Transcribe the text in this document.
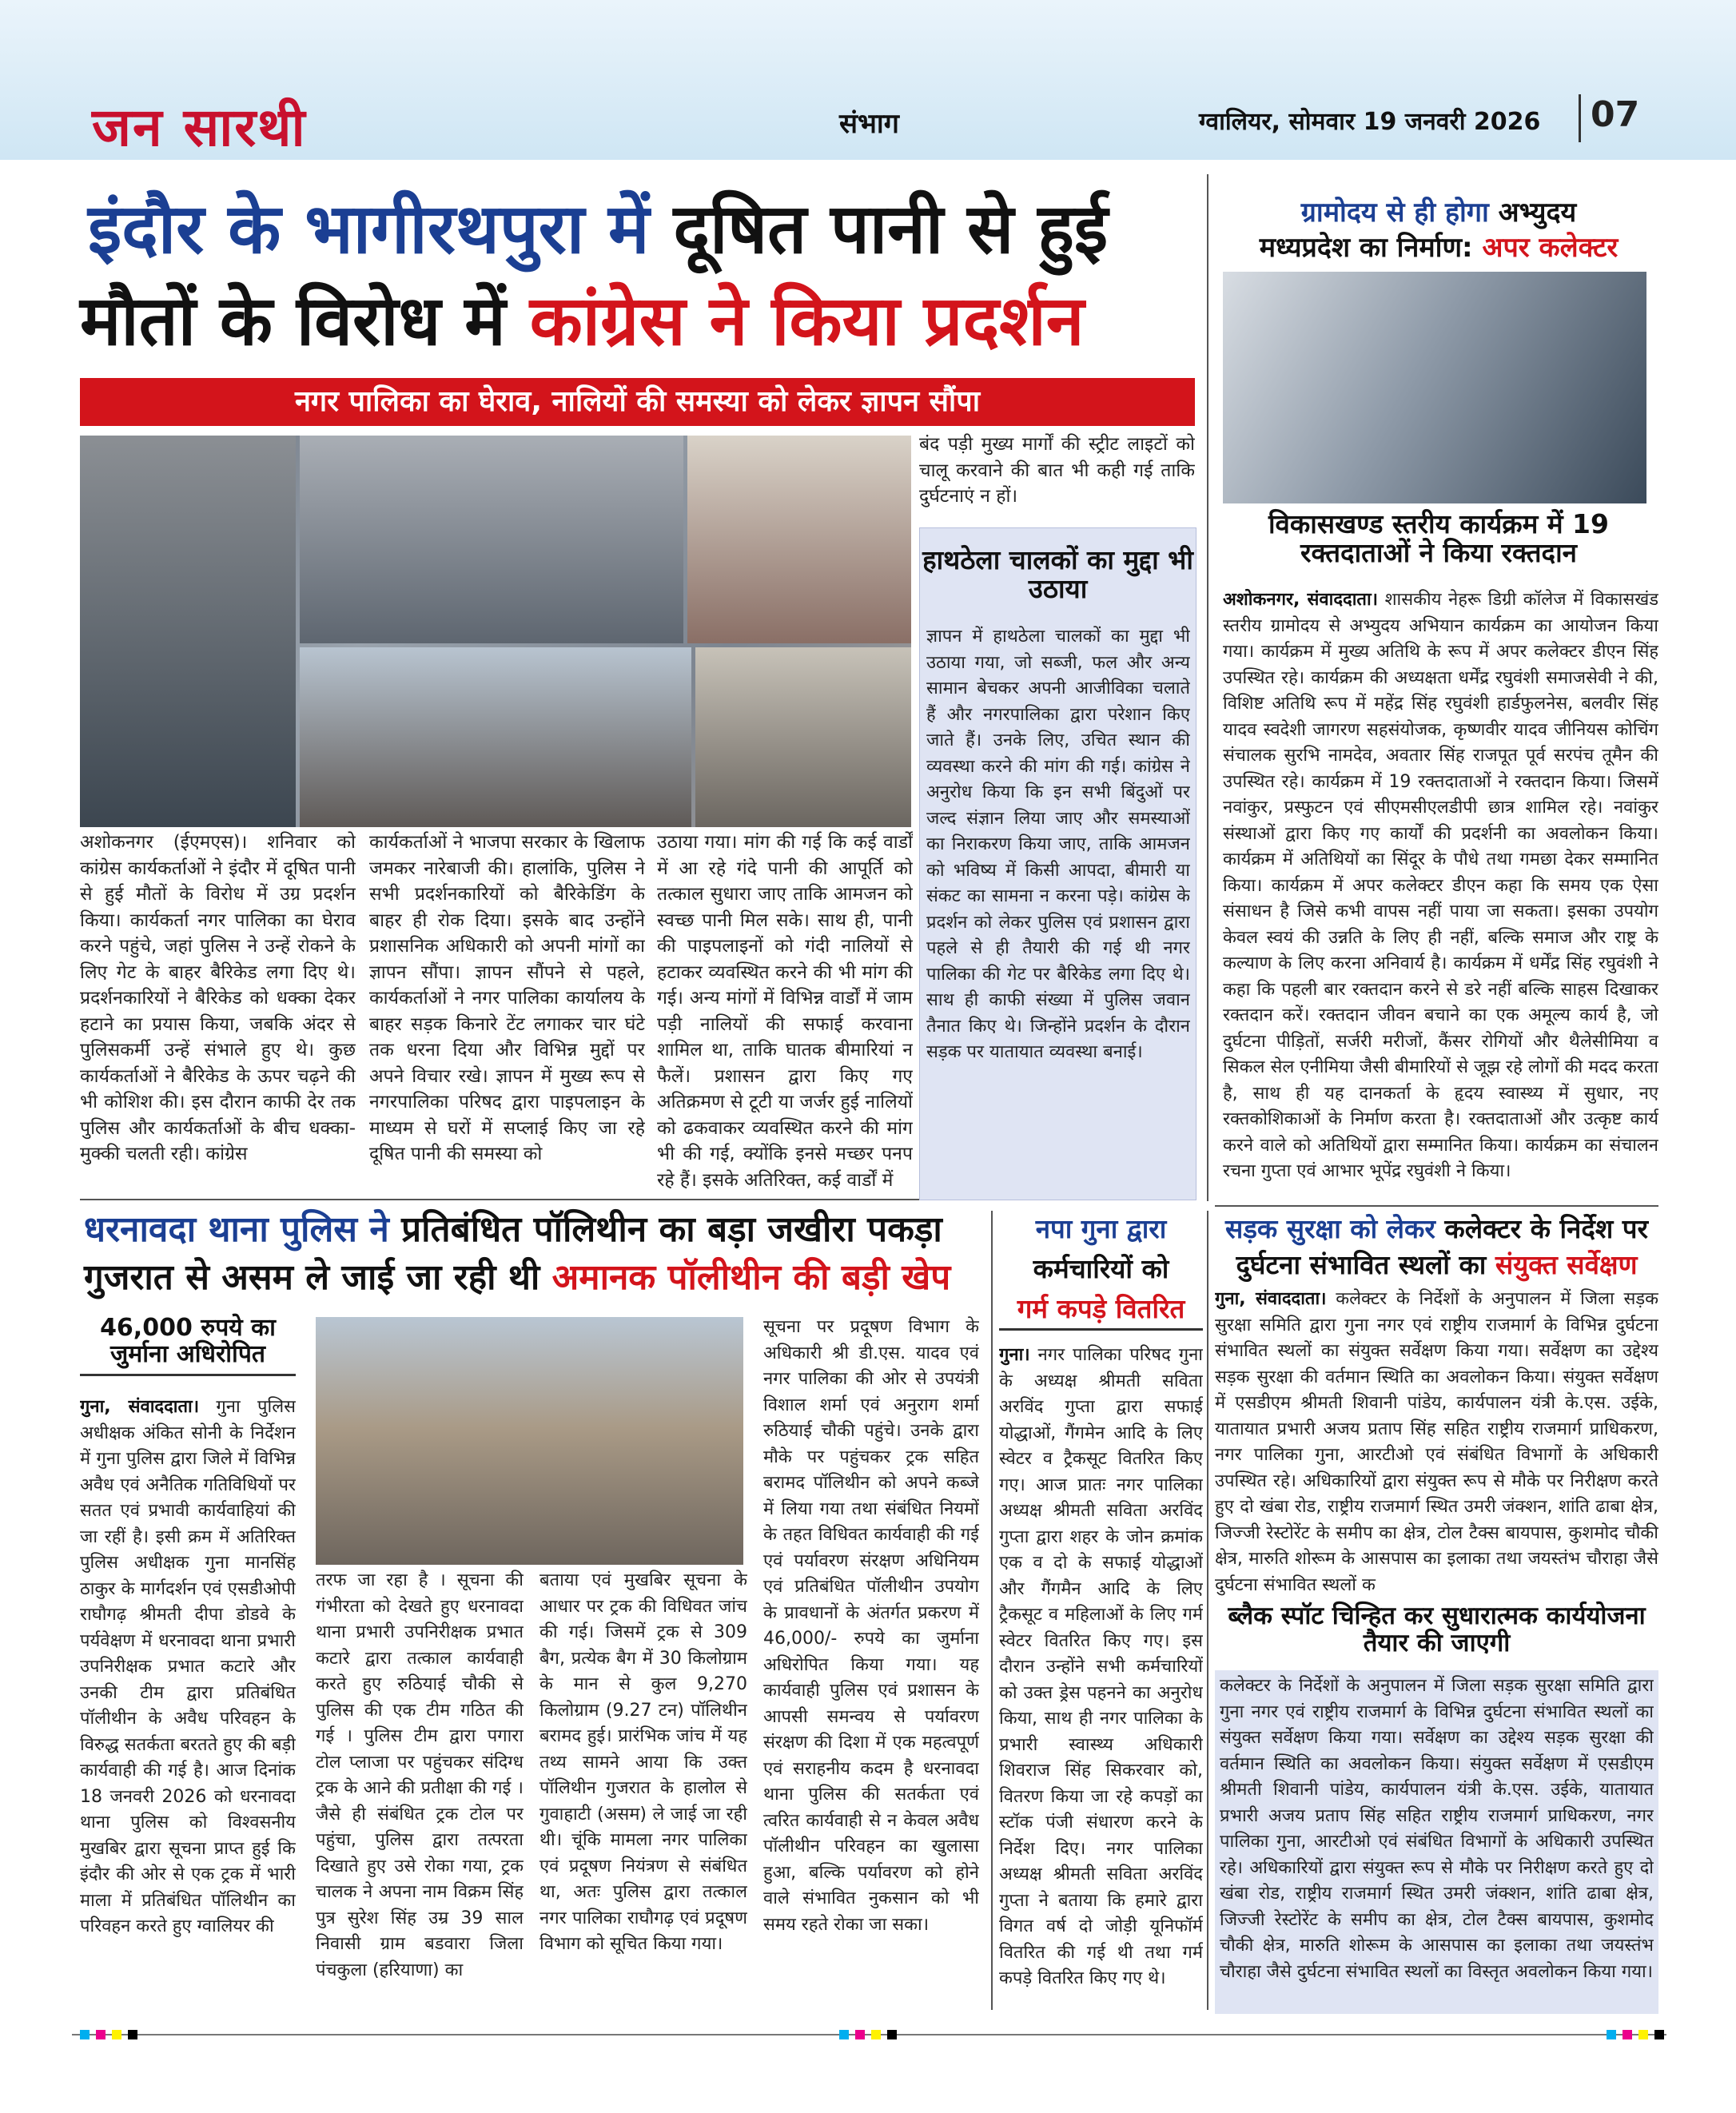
जन सारथी	संभाग	ग्वालियर, सोमवार 19 जनवरी 2026 07
इंदौर के भागीरथपुरा में दूषित पानी से हुई
मौतों के विरोध में कांग्रेस ने किया प्रदर्शन
नगर पालिका का घेराव, नालियों की समस्या को लेकर ज्ञापन सौंपा
बंद पड़ी मुख्य मार्गों की स्ट्रीट लाइटों को चालू करवाने की बात भी कही गई ताकि दुर्घटनाएं न हों।
हाथठेला चालकों का मुद्दा भी उठाया
ज्ञापन में हाथठेला चालकों का मुद्दा भी उठाया गया, जो सब्जी, फल और अन्य सामान बेचकर अपनी आजीविका चलाते हैं और नगरपालिका द्वारा परेशान किए जाते हैं। उनके लिए, उचित स्थान की व्यवस्था करने की मांग की गई। कांग्रेस ने अनुरोध किया कि इन सभी बिंदुओं पर जल्द संज्ञान लिया जाए और समस्याओं का निराकरण किया जाए, ताकि आमजन को भविष्य में किसी आपदा, बीमारी या संकट का सामना न करना पड़े। कांग्रेस के प्रदर्शन को लेकर पुलिस एवं प्रशासन द्वारा पहले से ही तैयारी की गई थी नगर पालिका की गेट पर बैरिकेड लगा दिए थे। साथ ही काफी संख्या में पुलिस जवान तैनात किए थे। जिन्होंने प्रदर्शन के दौरान सड़क पर यातायात व्यवस्था बनाई।
अशोकनगर (ईएमएस)। शनिवार को कांग्रेस कार्यकर्ताओं ने इंदौर में दूषित पानी से हुई मौतों के विरोध में उग्र प्रदर्शन किया। कार्यकर्ता नगर पालिका का घेराव करने पहुंचे, जहां पुलिस ने उन्हें रोकने के लिए गेट के बाहर बैरिकेड लगा दिए थे। प्रदर्शनकारियों ने बैरिकेड को धक्का देकर हटाने का प्रयास किया, जबकि अंदर से पुलिसकर्मी उन्हें संभाले हुए थे। कुछ कार्यकर्ताओं ने बैरिकेड के ऊपर चढ़ने की भी कोशिश की। इस दौरान काफी देर तक पुलिस और कार्यकर्ताओं के बीच धक्का-मुक्की चलती रही। कांग्रेस
कार्यकर्ताओं ने भाजपा सरकार के खिलाफ जमकर नारेबाजी की। हालांकि, पुलिस ने सभी प्रदर्शनकारियों को बैरिकेडिंग के बाहर ही रोक दिया। इसके बाद उन्होंने प्रशासनिक अधिकारी को अपनी मांगों का ज्ञापन सौंपा। ज्ञापन सौंपने से पहले, कार्यकर्ताओं ने नगर पालिका कार्यालय के बाहर सड़क किनारे टेंट लगाकर चार घंटे तक धरना दिया और विभिन्न मुद्दों पर अपने विचार रखे। ज्ञापन में मुख्य रूप से नगरपालिका परिषद द्वारा पाइपलाइन के माध्यम से घरों में सप्लाई किए जा रहे दूषित पानी की समस्या को
उठाया गया। मांग की गई कि कई वार्डों में आ रहे गंदे पानी की आपूर्ति को तत्काल सुधारा जाए ताकि आमजन को स्वच्छ पानी मिल सके। साथ ही, पानी की पाइपलाइनों को गंदी नालियों से हटाकर व्यवस्थित करने की भी मांग की गई। अन्य मांगों में विभिन्न वार्डों में जाम पड़ी नालियों की सफाई करवाना शामिल था, ताकि घातक बीमारियां न फैलें। प्रशासन द्वारा किए गए अतिक्रमण से टूटी या जर्जर हुई नालियों को ढकवाकर व्यवस्थित करने की मांग भी की गई, क्योंकि इनसे मच्छर पनप रहे हैं। इसके अतिरिक्त, कई वार्डों में
ग्रामोदय से ही होगा अभ्युदय
मध्यप्रदेश का निर्माण: अपर कलेक्टर
विकासखण्ड स्तरीय कार्यक्रम में 19 रक्तदाताओं ने किया रक्तदान
अशोकनगर, संवाददाता। शासकीय नेहरू डिग्री कॉलेज में विकासखंड स्तरीय ग्रामोदय से अभ्युदय अभियान कार्यक्रम का आयोजन किया गया। कार्यक्रम में मुख्य अतिथि के रूप में अपर कलेक्टर डीएन सिंह उपस्थित रहे। कार्यक्रम की अध्यक्षता धर्मेंद्र रघुवंशी समाजसेवी ने की, विशिष्ट अतिथि रूप में महेंद्र सिंह रघुवंशी हार्डफुलनेस, बलवीर सिंह यादव स्वदेशी जागरण सहसंयोजक, कृष्णवीर यादव जीनियस कोचिंग संचालक सुरभि नामदेव, अवतार सिंह राजपूत पूर्व सरपंच तूमैन की उपस्थित रहे। कार्यक्रम में 19 रक्तदाताओं ने रक्तदान किया। जिसमें नवांकुर, प्रस्फुटन एवं सीएमसीएलडीपी छात्र शामिल रहे। नवांकुर संस्थाओं द्वारा किए गए कार्यों की प्रदर्शनी का अवलोकन किया। कार्यक्रम में अतिथियों का सिंदूर के पौधे तथा गमछा देकर सम्मानित किया। कार्यक्रम में अपर कलेक्टर डीएन कहा कि समय एक ऐसा संसाधन है जिसे कभी वापस नहीं पाया जा सकता। इसका उपयोग केवल स्वयं की उन्नति के लिए ही नहीं, बल्कि समाज और राष्ट्र के कल्याण के लिए करना अनिवार्य है। कार्यक्रम में धर्मेंद्र सिंह रघुवंशी ने कहा कि पहली बार रक्तदान करने से डरे नहीं बल्कि साहस दिखाकर रक्तदान करें। रक्तदान जीवन बचाने का एक अमूल्य कार्य है, जो दुर्घटना पीड़ितों, सर्जरी मरीजों, कैंसर रोगियों और थैलेसीमिया व सिकल सेल एनीमिया जैसी बीमारियों से जूझ रहे लोगों की मदद करता है, साथ ही यह दानकर्ता के हृदय स्वास्थ्य में सुधार, नए रक्तकोशिकाओं के निर्माण करता है। रक्तदाताओं और उत्कृष्ट कार्य करने वाले को अतिथियों द्वारा सम्मानित किया। कार्यक्रम का संचालन रचना गुप्ता एवं आभार भूपेंद्र रघुवंशी ने किया।
सड़क सुरक्षा को लेकर कलेक्टर के निर्देश पर
दुर्घटना संभावित स्थलों का संयुक्त सर्वेक्षण
गुना, संवाददाता। कलेक्टर के निर्देशों के अनुपालन में जिला सड़क सुरक्षा समिति द्वारा गुना नगर एवं राष्ट्रीय राजमार्ग के विभिन्न दुर्घटना संभावित स्थलों का संयुक्त सर्वेक्षण किया गया। सर्वेक्षण का उद्देश्य सड़क सुरक्षा की वर्तमान स्थिति का अवलोकन किया। संयुक्त सर्वेक्षण में एसडीएम श्रीमती शिवानी पांडेय, कार्यपालन यंत्री के.एस. उईके, यातायात प्रभारी अजय प्रताप सिंह सहित राष्ट्रीय राजमार्ग प्राधिकरण, नगर पालिका गुना, आरटीओ एवं संबंधित विभागों के अधिकारी उपस्थित रहे। अधिकारियों द्वारा संयुक्त रूप से मौके पर निरीक्षण करते हुए दो खंबा रोड, राष्ट्रीय राजमार्ग स्थित उमरी जंक्शन, शांति ढाबा क्षेत्र, जिज्जी रेस्टोरेंट के समीप का क्षेत्र, टोल टैक्स बायपास, कुशमोद चौकी क्षेत्र, मारुति शोरूम के आसपास का इलाका तथा जयस्तंभ चौराहा जैसे दुर्घटना संभावित स्थलों क
ब्लैक स्पॉट चिन्हित कर सुधारात्मक कार्ययोजना तैयार की जाएगी
कलेक्टर के निर्देशों के अनुपालन में जिला सड़क सुरक्षा समिति द्वारा गुना नगर एवं राष्ट्रीय राजमार्ग के विभिन्न दुर्घटना संभावित स्थलों का संयुक्त सर्वेक्षण किया गया। सर्वेक्षण का उद्देश्य सड़क सुरक्षा की वर्तमान स्थिति का अवलोकन किया। संयुक्त सर्वेक्षण में एसडीएम श्रीमती शिवानी पांडेय, कार्यपालन यंत्री के.एस. उईके, यातायात प्रभारी अजय प्रताप सिंह सहित राष्ट्रीय राजमार्ग प्राधिकरण, नगर पालिका गुना, आरटीओ एवं संबंधित विभागों के अधिकारी उपस्थित रहे। अधिकारियों द्वारा संयुक्त रूप से मौके पर निरीक्षण करते हुए दो खंबा रोड, राष्ट्रीय राजमार्ग स्थित उमरी जंक्शन, शांति ढाबा क्षेत्र, जिज्जी रेस्टोरेंट के समीप का क्षेत्र, टोल टैक्स बायपास, कुशमोद चौकी क्षेत्र, मारुति शोरूम के आसपास का इलाका तथा जयस्तंभ चौराहा जैसे दुर्घटना संभावित स्थलों का विस्तृत अवलोकन किया गया।
धरनावदा थाना पुलिस ने प्रतिबंधित पॉलिथीन का बड़ा जखीरा पकड़ा
गुजरात से असम ले जाई जा रही थी अमानक पॉलीथीन की बड़ी खेप
46,000 रुपये का जुर्माना अधिरोपित
गुना, संवाददाता। गुना पुलिस अधीक्षक अंकित सोनी के निर्देशन में गुना पुलिस द्वारा जिले में विभिन्न अवैध एवं अनैतिक गतिविधियों पर सतत एवं प्रभावी कार्यवाहियां की जा रहीं है। इसी क्रम में अतिरिक्त पुलिस अधीक्षक गुना मानसिंह ठाकुर के मार्गदर्शन एवं एसडीओपी राघौगढ़ श्रीमती दीपा डोडवे के पर्यवेक्षण में धरनावदा थाना प्रभारी उपनिरीक्षक प्रभात कटारे और उनकी टीम द्वारा प्रतिबंधित पॉलीथीन के अवैध परिवहन के विरुद्ध सतर्कता बरतते हुए की बड़ी कार्यवाही की गई है। आज दिनांक 18 जनवरी 2026 को धरनावदा थाना पुलिस को विश्वसनीय मुखबिर द्वारा सूचना प्राप्त हुई कि इंदौर की ओर से एक ट्रक में भारी माला में प्रतिबंधित पॉलिथीन का परिवहन करते हुए ग्वालियर की
तरफ जा रहा है । सूचना की गंभीरता को देखते हुए धरनावदा थाना प्रभारी उपनिरीक्षक प्रभात कटारे द्वारा तत्काल कार्यवाही करते हुए रुठियाई चौकी से पुलिस की एक टीम गठित की गई । पुलिस टीम द्वारा पगारा टोल प्लाजा पर पहुंचकर संदिग्ध ट्रक के आने की प्रतीक्षा की गई । जैसे ही संबंधित ट्रक टोल पर पहुंचा, पुलिस द्वारा तत्परता दिखाते हुए उसे रोका गया, ट्रक चालक ने अपना नाम विक्रम सिंह पुत्र सुरेश सिंह उम्र 39 साल निवासी ग्राम बडवारा जिला पंचकुला (हरियाणा) का
बताया एवं मुखबिर सूचना के आधार पर ट्रक की विधिवत जांच की गई। जिसमें ट्रक से 309 बैग, प्रत्येक बैग में 30 किलोग्राम के मान से कुल 9,270 किलोग्राम (9.27 टन) पॉलिथीन बरामद हुई। प्रारंभिक जांच में यह तथ्य सामने आया कि उक्त पॉलिथीन गुजरात के हालोल से गुवाहाटी (असम) ले जाई जा रही थी। चूंकि मामला नगर पालिका एवं प्रदूषण नियंत्रण से संबंधित था, अतः पुलिस द्वारा तत्काल नगर पालिका राघौगढ़ एवं प्रदूषण विभाग को सूचित किया गया।
सूचना पर प्रदूषण विभाग के अधिकारी श्री डी.एस. यादव एवं नगर पालिका की ओर से उपयंत्री विशाल शर्मा एवं अनुराग शर्मा रुठियाई चौकी पहुंचे। उनके द्वारा मौके पर पहुंचकर ट्रक सहित बरामद पॉलिथीन को अपने कब्जे में लिया गया तथा संबंधित नियमों के तहत विधिवत कार्यवाही की गई एवं पर्यावरण संरक्षण अधिनियम एवं प्रतिबंधित पॉलीथीन उपयोग के प्रावधानों के अंतर्गत प्रकरण में 46,000/- रुपये का जुर्माना अधिरोपित किया गया। यह कार्यवाही पुलिस एवं प्रशासन के आपसी समन्वय से पर्यावरण संरक्षण की दिशा में एक महत्वपूर्ण एवं सराहनीय कदम है धरनावदा थाना पुलिस की सतर्कता एवं त्वरित कार्यवाही से न केवल अवैध पॉलीथीन परिवहन का खुलासा हुआ, बल्कि पर्यावरण को होने वाले संभावित नुकसान को भी समय रहते रोका जा सका।
नपा गुना द्वारा
कर्मचारियों को
गर्म कपड़े वितरित
गुना। नगर पालिका परिषद गुना के अध्यक्ष श्रीमती सविता अरविंद गुप्ता द्वारा सफाई योद्धाओं, गैंगमेन आदि के लिए स्वेटर व ट्रैकसूट वितरित किए गए। आज प्रातः नगर पालिका अध्यक्ष श्रीमती सविता अरविंद गुप्ता द्वारा शहर के जोन क्रमांक एक व दो के सफाई योद्धाओं और गैंगमैन आदि के लिए ट्रैकसूट व महिलाओं के लिए गर्म स्वेटर वितरित किए गए। इस दौरान उन्होंने सभी कर्मचारियों को उक्त ड्रेस पहनने का अनुरोध किया, साथ ही नगर पालिका के प्रभारी स्वास्थ्य अधिकारी शिवराज सिंह सिकरवार को, वितरण किया जा रहे कपड़ों का स्टॉक पंजी संधारण करने के निर्देश दिए। नगर पालिका अध्यक्ष श्रीमती सविता अरविंद गुप्ता ने बताया कि हमारे द्वारा विगत वर्ष दो जोड़ी यूनिफॉर्म वितरित की गई थी तथा गर्म कपड़े वितरित किए गए थे।
